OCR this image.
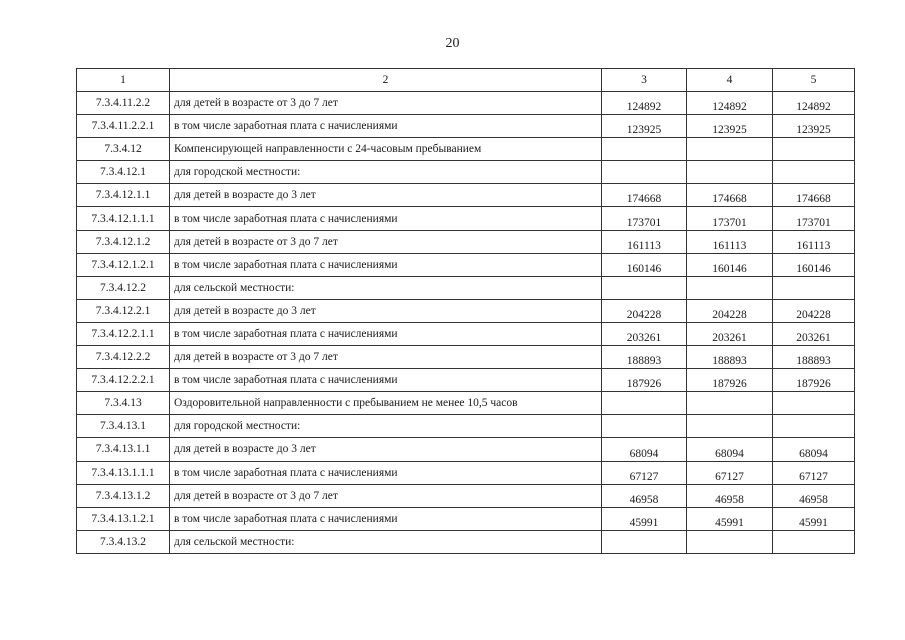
20
1	2	3	4	5
7.3.4.11.2.2	для детей в возрасте от 3 до 7 лет	124892	124892	124892
7.3.4.11.2.2.1	в том числе заработная плата с начислениями	123925	123925	123925
7.3.4.12	Компенсирующей направленности с 24-часовым пребыванием			
7.3.4.12.1	для городской местности:			
7.3.4.12.1.1	для детей в возрасте до 3 лет	174668	174668	174668
7.3.4.12.1.1.1	в том числе заработная плата с начислениями	173701	173701	173701
7.3.4.12.1.2	для детей в возрасте от 3 до 7 лет	161113	161113	161113
7.3.4.12.1.2.1	в том числе заработная плата с начислениями	160146	160146	160146
7.3.4.12.2	для сельской местности:			
7.3.4.12.2.1	для детей в возрасте до 3 лет	204228	204228	204228
7.3.4.12.2.1.1	в том числе заработная плата с начислениями	203261	203261	203261
7.3.4.12.2.2	для детей в возрасте от 3 до 7 лет	188893	188893	188893
7.3.4.12.2.2.1	в том числе заработная плата с начислениями	187926	187926	187926
7.3.4.13	Оздоровительной направленности с пребыванием не менее 10,5 часов			
7.3.4.13.1	для городской местности:			
7.3.4.13.1.1	для детей в возрасте до 3 лет	68094	68094	68094
7.3.4.13.1.1.1	в том числе заработная плата с начислениями	67127	67127	67127
7.3.4.13.1.2	для детей в возрасте от 3 до 7 лет	46958	46958	46958
7.3.4.13.1.2.1	в том числе заработная плата с начислениями	45991	45991	45991
7.3.4.13.2	для сельской местности:			
